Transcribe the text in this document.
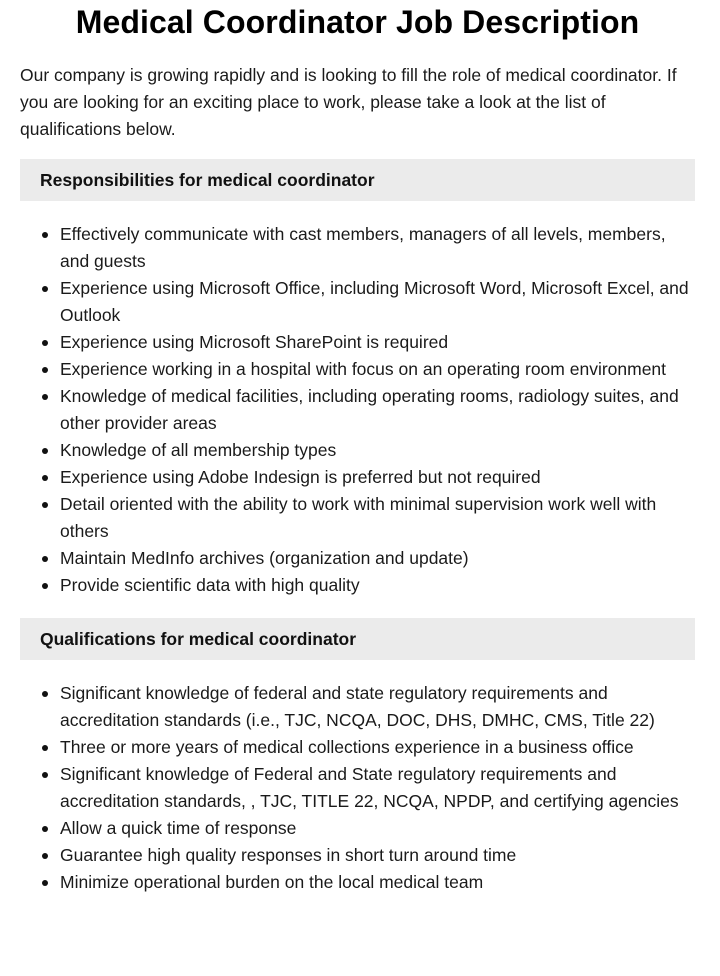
Medical Coordinator Job Description

Our company is growing rapidly and is looking to fill the role of medical coordinator. If you are looking for an exciting place to work, please take a look at the list of qualifications below.

Responsibilities for medical coordinator
Effectively communicate with cast members, managers of all levels, members, and guests
Experience using Microsoft Office, including Microsoft Word, Microsoft Excel, and Outlook
Experience using Microsoft SharePoint is required
Experience working in a hospital with focus on an operating room environment
Knowledge of medical facilities, including operating rooms, radiology suites, and other provider areas
Knowledge of all membership types
Experience using Adobe Indesign is preferred but not required
Detail oriented with the ability to work with minimal supervision work well with others
Maintain MedInfo archives (organization and update)
Provide scientific data with high quality
Qualifications for medical coordinator
Significant knowledge of federal and state regulatory requirements and accreditation standards (i.e., TJC, NCQA, DOC, DHS, DMHC, CMS, Title 22)
Three or more years of medical collections experience in a business office
Significant knowledge of Federal and State regulatory requirements and accreditation standards, , TJC, TITLE 22, NCQA, NPDP, and certifying agencies
Allow a quick time of response
Guarantee high quality responses in short turn around time
Minimize operational burden on the local medical team
